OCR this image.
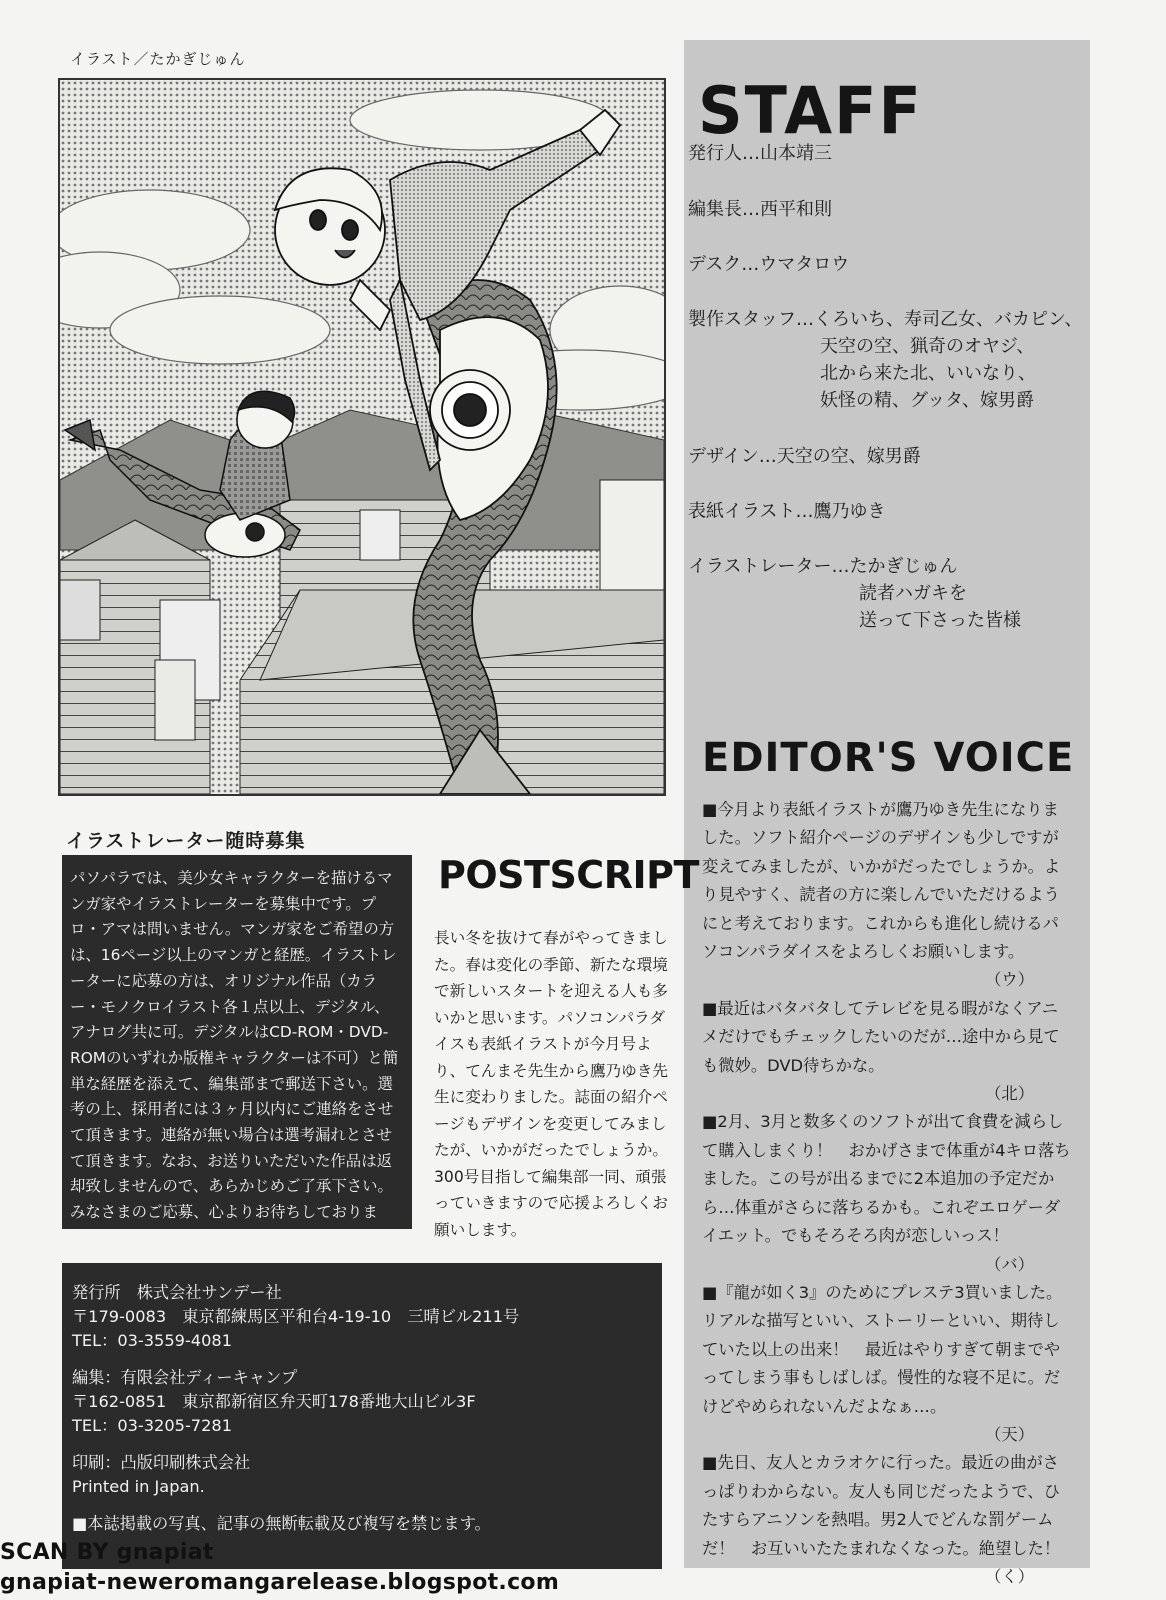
イラスト／たかぎじゅん
STAFF
発行人…山本靖三
編集長…西平和則
デスク…ウマタロウ
製作スタッフ…くろいち、寿司乙女、バカピン、
天空の空、猟奇のオヤジ、
北から来た北、いいなり、
妖怪の精、グッタ、嫁男爵
デザイン…天空の空、嫁男爵
表紙イラスト…鷹乃ゆき
イラストレーター…たかぎじゅん
読者ハガキを
送って下さった皆様
EDITOR'S VOICE
■今月より表紙イラストが鷹乃ゆき先生になりました。ソフト紹介ページのデザインも少しですが変えてみましたが、いかがだったでしょうか。より見やすく、読者の方に楽しんでいただけるようにと考えております。これからも進化し続けるパソコンパラダイスをよろしくお願いします。
（ウ）
■最近はバタバタしてテレビを見る暇がなくアニメだけでもチェックしたいのだが…途中から見ても微妙。DVD待ちかな。
（北）
■2月、3月と数多くのソフトが出て食費を減らして購入しまくり！　おかげさまで体重が4キロ落ちました。この号が出るまでに2本追加の予定だから…体重がさらに落ちるかも。これぞエロゲーダイエット。でもそろそろ肉が恋しいっス！
（バ）
■『龍が如く3』のためにプレステ3買いました。リアルな描写といい、ストーリーといい、期待していた以上の出来！　最近はやりすぎて朝までやってしまう事もしばしば。慢性的な寝不足に。だけどやめられないんだよなぁ…。
（天）
■先日、友人とカラオケに行った。最近の曲がさっぱりわからない。友人も同じだったようで、ひたすらアニソンを熱唱。男2人でどんな罰ゲームだ！　お互いいたたまれなくなった。絶望した！
（く）
イラストレーター随時募集
パソパラでは、美少女キャラクターを描けるマンガ家やイラストレーターを募集中です。プロ・アマは問いません。マンガ家をご希望の方は、16ページ以上のマンガと経歴。イラストレーターに応募の方は、オリジナル作品（カラー・モノクロイラスト各１点以上、デジタル、アナログ共に可。デジタルはCD-ROM・DVD-ROMのいずれか版権キャラクターは不可）と簡単な経歴を添えて、編集部まで郵送下さい。選考の上、採用者には３ヶ月以内にご連絡をさせて頂きます。連絡が無い場合は選考漏れとさせて頂きます。なお、お送りいただいた作品は返却致しませんので、あらかじめご了承下さい。みなさまのご応募、心よりお待ちしております。
POSTSCRIPT
長い冬を抜けて春がやってきました。春は変化の季節、新たな環境で新しいスタートを迎える人も多いかと思います。パソコンパラダイスも表紙イラストが今月号より、てんまそ先生から鷹乃ゆき先生に変わりました。誌面の紹介ページもデザインを変更してみましたが、いかがだったでしょうか。300号目指して編集部一同、頑張っていきますので応援よろしくお願いします。
発行所　株式会社サンデー社
〒179-0083　東京都練馬区平和台4-19-10　三晴ビル211号
TEL：03-3559-4081
編集：有限会社ディーキャンプ
〒162-0851　東京都新宿区弁天町178番地大山ビル3F
TEL：03-3205-7281
印刷：凸版印刷株式会社
Printed in Japan.
■本誌掲載の写真、記事の無断転載及び複写を禁じます。
SCAN BY gnapiat
gnapiat-neweromangarelease.blogspot.com
